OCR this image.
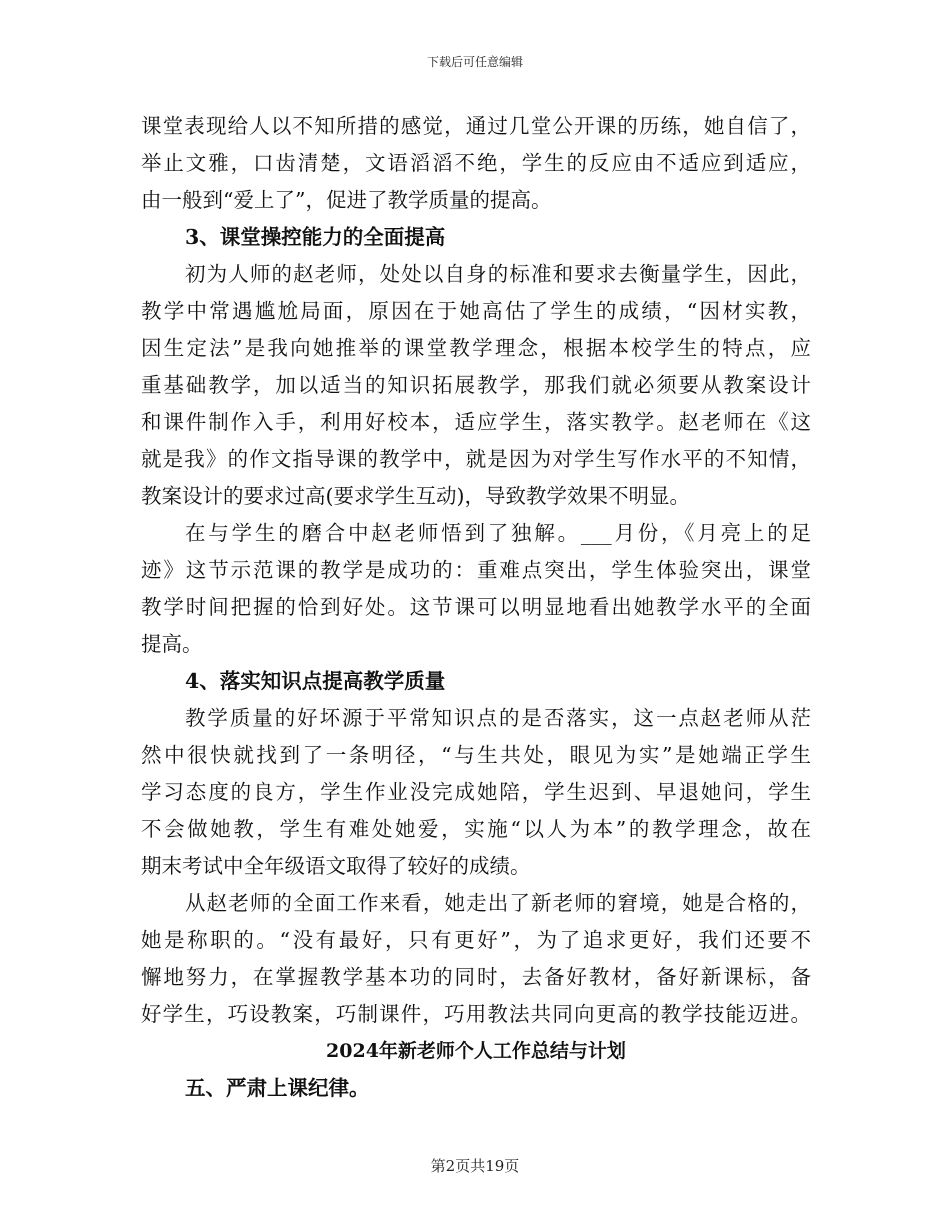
下载后可任意编辑
课堂表现给人以不知所措的感觉，通过几堂公开课的历练，她自信了，
举止文雅，口齿清楚，文语滔滔不绝，学生的反应由不适应到适应，
由一般到“爱上了”，促进了教学质量的提高。
3、课堂操控能力的全面提高
初为人师的赵老师，处处以自身的标准和要求去衡量学生，因此，
教学中常遇尴尬局面，原因在于她高估了学生的成绩，“因材实教，
因生定法”是我向她推举的课堂教学理念，根据本校学生的特点，应
重基础教学，加以适当的知识拓展教学，那我们就必须要从教案设计
和课件制作入手，利用好校本，适应学生，落实教学。赵老师在《这
就是我》的作文指导课的教学中，就是因为对学生写作水平的不知情，
教案设计的要求过高(要求学生互动)，导致教学效果不明显。
在与学生的磨合中赵老师悟到了独解。___月份，《月亮上的足
迹》这节示范课的教学是成功的：重难点突出，学生体验突出，课堂
教学时间把握的恰到好处。这节课可以明显地看出她教学水平的全面
提高。
4、落实知识点提高教学质量
教学质量的好坏源于平常知识点的是否落实，这一点赵老师从茫
然中很快就找到了一条明径，“与生共处，眼见为实”是她端正学生
学习态度的良方，学生作业没完成她陪，学生迟到、早退她问，学生
不会做她教，学生有难处她爱，实施“以人为本”的教学理念，故在
期末考试中全年级语文取得了较好的成绩。
从赵老师的全面工作来看，她走出了新老师的窘境，她是合格的，
她是称职的。“没有最好，只有更好”，为了追求更好，我们还要不
懈地努力，在掌握教学基本功的同时，去备好教材，备好新课标，备
好学生，巧设教案，巧制课件，巧用教法共同向更高的教学技能迈进。
2024年新老师个人工作总结与计划
五、严肃上课纪律。
第2页共19页
